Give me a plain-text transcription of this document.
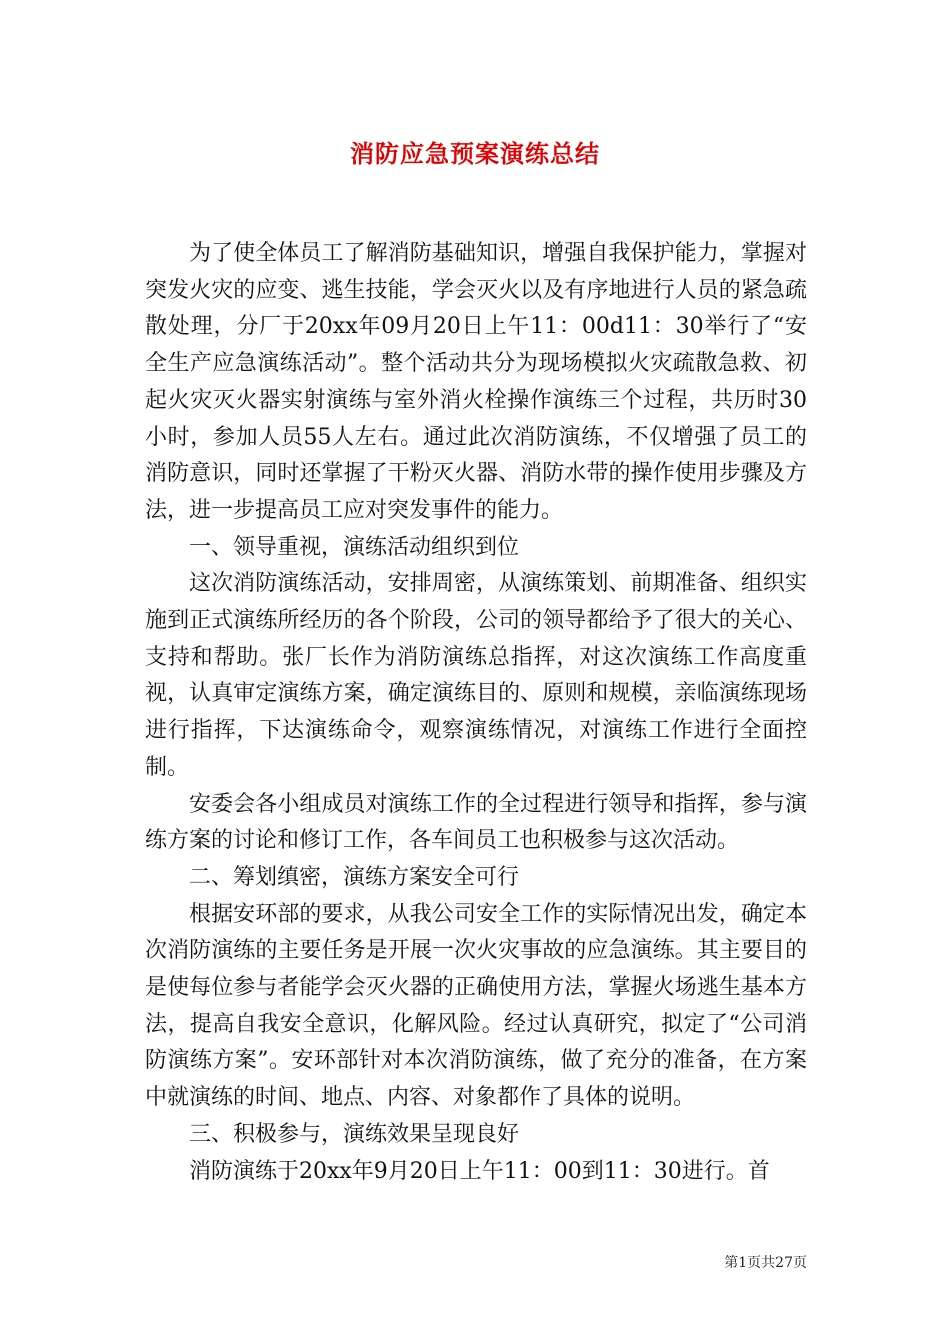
消防应急预案演练总结

为了使全体员工了解消防基础知识，增强自我保护能力，掌握对突发火灾的应变、逃生技能，学会灭火以及有序地进行人员的紧急疏散处理，分厂于20xx年09月20日上午11：00d11：30举行了“安全生产应急演练活动”。整个活动共分为现场模拟火灾疏散急救、初起火灾灭火器实射演练与室外消火栓操作演练三个过程，共历时30小时，参加人员55人左右。通过此次消防演练，不仅增强了员工的消防意识，同时还掌握了干粉灭火器、消防水带的操作使用步骤及方法，进一步提高员工应对突发事件的能力。

一、领导重视，演练活动组织到位

这次消防演练活动，安排周密，从演练策划、前期准备、组织实施到正式演练所经历的各个阶段，公司的领导都给予了很大的关心、支持和帮助。张厂长作为消防演练总指挥，对这次演练工作高度重视，认真审定演练方案，确定演练目的、原则和规模，亲临演练现场进行指挥，下达演练命令，观察演练情况，对演练工作进行全面控制。

安委会各小组成员对演练工作的全过程进行领导和指挥，参与演练方案的讨论和修订工作，各车间员工也积极参与这次活动。

二、筹划缜密，演练方案安全可行

根据安环部的要求，从我公司安全工作的实际情况出发，确定本次消防演练的主要任务是开展一次火灾事故的应急演练。其主要目的是使每位参与者能学会灭火器的正确使用方法，掌握火场逃生基本方法，提高自我安全意识，化解风险。经过认真研究，拟定了“公司消防演练方案”。安环部针对本次消防演练，做了充分的准备，在方案中就演练的时间、地点、内容、对象都作了具体的说明。

三、积极参与，演练效果呈现良好

消防演练于20xx年9月20日上午11：00到11：30进行。首

第1页共27页
